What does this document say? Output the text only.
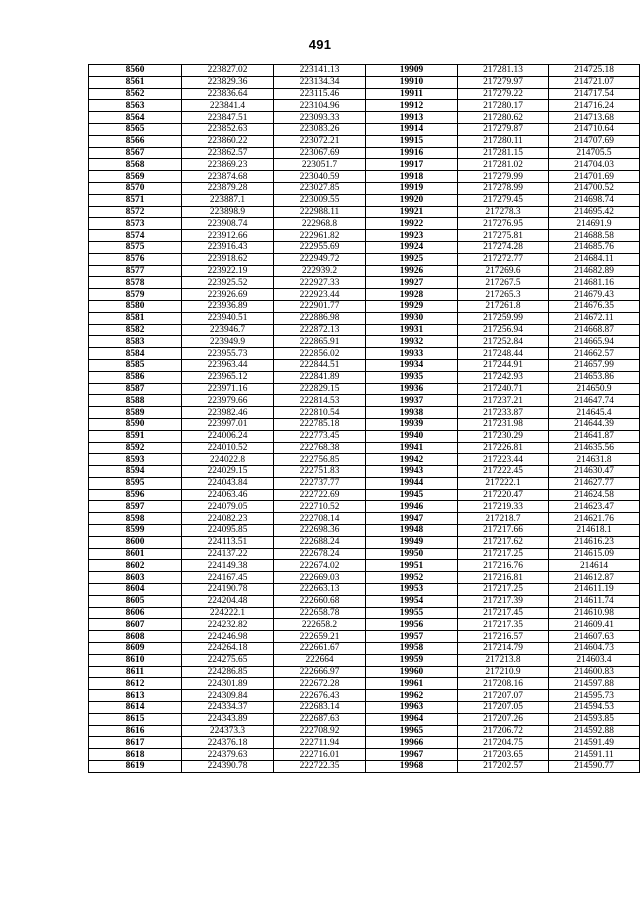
491
8560	223827.02	223141.13	19909	217281.13	214725.18
8561	223829.36	223134.34	19910	217279.97	214721.07
8562	223836.64	223115.46	19911	217279.22	214717.54
8563	223841.4	223104.96	19912	217280.17	214716.24
8564	223847.51	223093.33	19913	217280.62	214713.68
8565	223852.63	223083.26	19914	217279.87	214710.64
8566	223860.22	223072.21	19915	217280.11	214707.69
8567	223862.57	223067.69	19916	217281.15	214705.5
8568	223869.23	223051.7	19917	217281.02	214704.03
8569	223874.68	223040.59	19918	217279.99	214701.69
8570	223879.28	223027.85	19919	217278.99	214700.52
8571	223887.1	223009.55	19920	217279.45	214698.74
8572	223898.9	222988.11	19921	217278.3	214695.42
8573	223908.74	222968.8	19922	217276.95	214691.9
8574	223912.66	222961.82	19923	217275.81	214688.58
8575	223916.43	222955.69	19924	217274.28	214685.76
8576	223918.62	222949.72	19925	217272.77	214684.11
8577	223922.19	222939.2	19926	217269.6	214682.89
8578	223925.52	222927.33	19927	217267.5	214681.16
8579	223926.69	222923.44	19928	217265.3	214679.43
8580	223936.89	222901.77	19929	217261.8	214676.35
8581	223940.51	222886.98	19930	217259.99	214672.11
8582	223946.7	222872.13	19931	217256.94	214668.87
8583	223949.9	222865.91	19932	217252.84	214665.94
8584	223955.73	222856.02	19933	217248.44	214662.57
8585	223963.44	222844.51	19934	217244.91	214657.99
8586	223965.12	222841.89	19935	217242.93	214653.86
8587	223971.16	222829.15	19936	217240.71	214650.9
8588	223979.66	222814.53	19937	217237.21	214647.74
8589	223982.46	222810.54	19938	217233.87	214645.4
8590	223997.01	222785.18	19939	217231.98	214644.39
8591	224006.24	222773.45	19940	217230.29	214641.87
8592	224010.52	222768.38	19941	217226.81	214635.56
8593	224022.8	222756.85	19942	217223.44	214631.8
8594	224029.15	222751.83	19943	217222.45	214630.47
8595	224043.84	222737.77	19944	217222.1	214627.77
8596	224063.46	222722.69	19945	217220.47	214624.58
8597	224079.05	222710.52	19946	217219.33	214623.47
8598	224082.23	222708.14	19947	217218.7	214621.76
8599	224095.85	222698.36	19948	217217.66	214618.1
8600	224113.51	222688.24	19949	217217.62	214616.23
8601	224137.22	222678.24	19950	217217.25	214615.09
8602	224149.38	222674.02	19951	217216.76	214614
8603	224167.45	222669.03	19952	217216.81	214612.87
8604	224190.78	222663.13	19953	217217.25	214611.19
8605	224204.48	222660.68	19954	217217.39	214611.74
8606	224222.1	222658.78	19955	217217.45	214610.98
8607	224232.82	222658.2	19956	217217.35	214609.41
8608	224246.98	222659.21	19957	217216.57	214607.63
8609	224264.18	222661.67	19958	217214.79	214604.73
8610	224275.65	222664	19959	217213.8	214603.4
8611	224286.85	222666.97	19960	217210.9	214600.83
8612	224301.89	222672.28	19961	217208.16	214597.88
8613	224309.84	222676.43	19962	217207.07	214595.73
8614	224334.37	222683.14	19963	217207.05	214594.53
8615	224343.89	222687.63	19964	217207.26	214593.85
8616	224373.3	222708.92	19965	217206.72	214592.88
8617	224376.18	222711.94	19966	217204.75	214591.49
8618	224379.63	222716.01	19967	217203.65	214591.11
8619	224390.78	222722.35	19968	217202.57	214590.77
